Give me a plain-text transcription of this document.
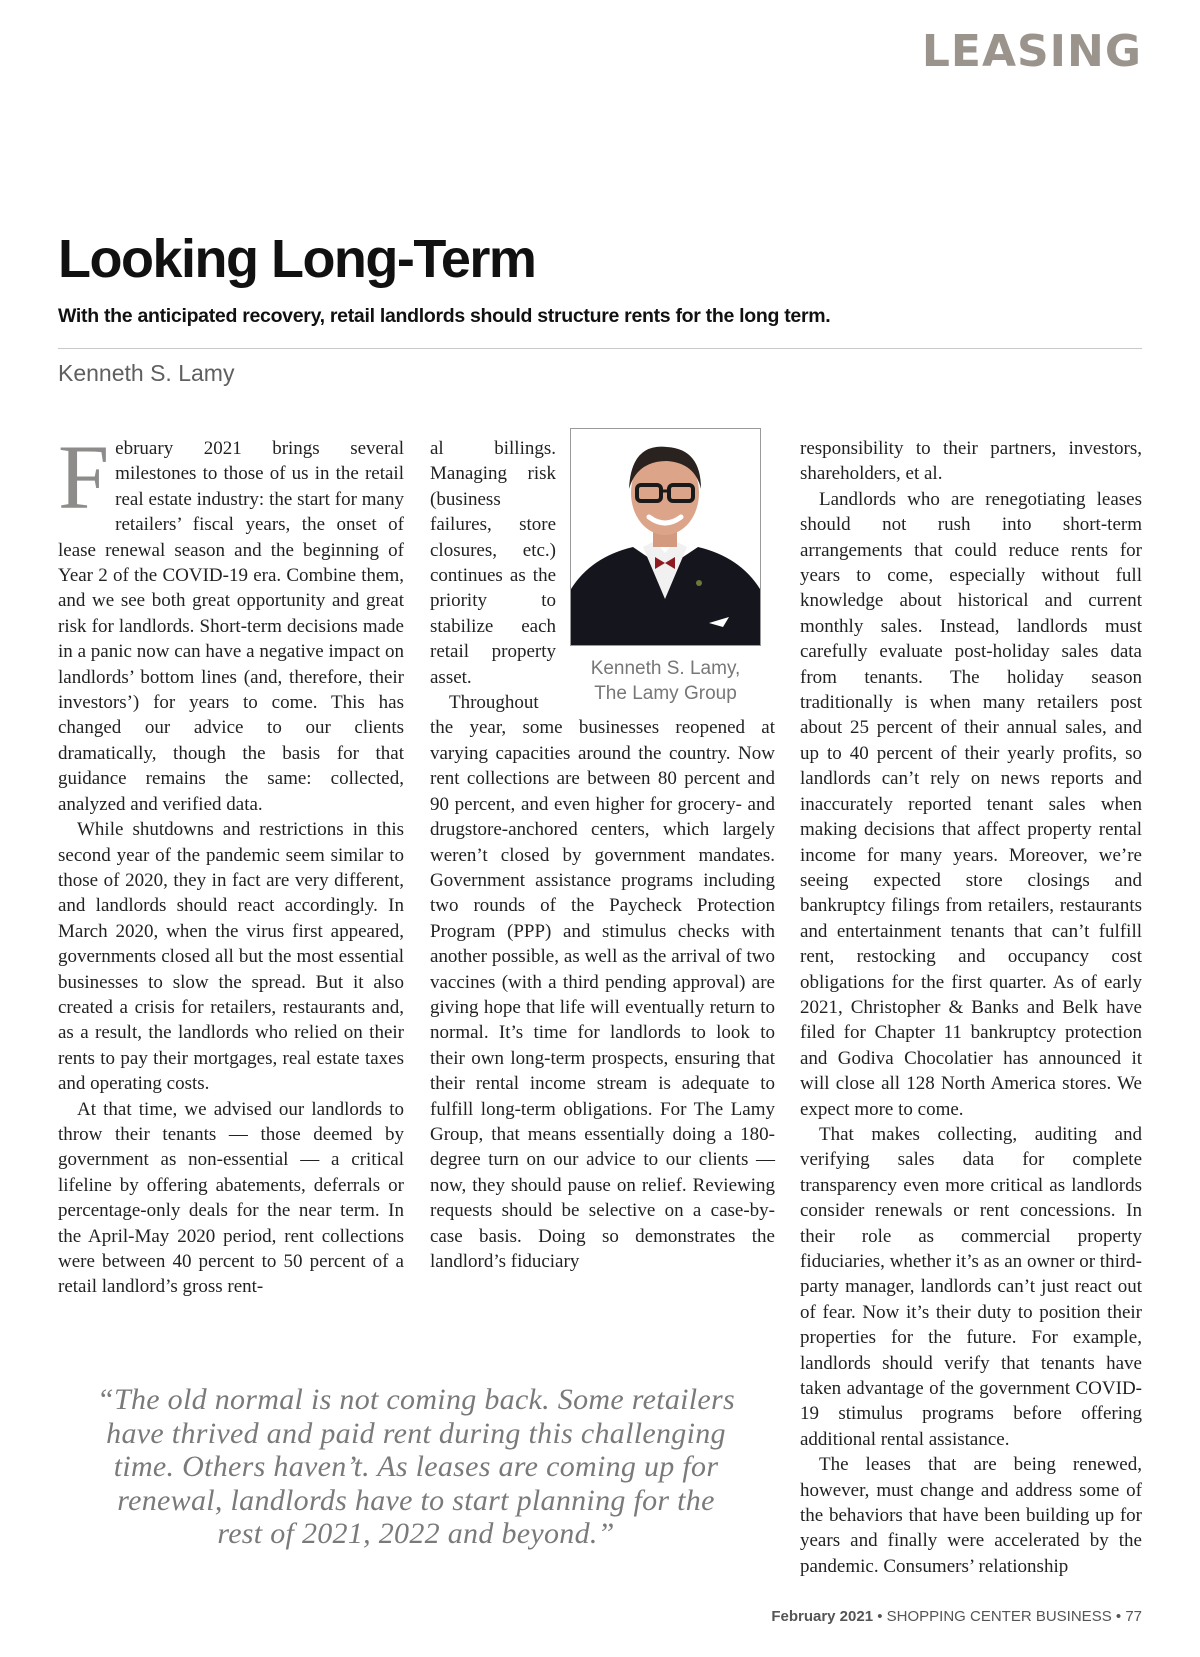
LEASING
Looking Long-Term

With the anticipated recovery, retail landlords should structure rents for the long term.

Kenneth S. Lamy

February 2021 brings several milestones to those of us in the retail real estate industry: the start for many retailers’ fiscal years, the onset of lease renewal season and the beginning of Year 2 of the COVID-19 era. Combine them, and we see both great opportunity and great risk for landlords. Short-term decisions made in a panic now can have a negative impact on landlords’ bottom lines (and, therefore, their investors’) for years to come. This has changed our advice to our clients dramatically, though the basis for that guidance remains the same: collected, analyzed and verified data.

While shutdowns and restrictions in this second year of the pandemic seem similar to those of 2020, they in fact are very different, and landlords should react accordingly. In March 2020, when the virus first appeared, governments closed all but the most essential businesses to slow the spread. But it also created a crisis for retailers, restaurants and, as a result, the landlords who relied on their rents to pay their mortgages, real estate taxes and operating costs.

At that time, we advised our landlords to throw their tenants — those deemed by government as non-essential — a critical lifeline by offering abatements, deferrals or percentage-only deals for the near term. In the April-May 2020 period, rent collections were between 40 percent to 50 percent of a retail landlord’s gross rent-

Kenneth S. Lamy,
The Lamy Group

al billings. Managing risk (business failures, store closures, etc.) continues as the priority to stabilize each retail property asset.

Throughout the year, some businesses reopened at varying capacities around the country. Now rent collections are between 80 percent and 90 percent, and even higher for grocery- and drugstore-anchored centers, which largely weren’t closed by government mandates. Government assistance programs including two rounds of the Paycheck Protection Program (PPP) and stimulus checks with another possible, as well as the arrival of two vaccines (with a third pending approval) are giving hope that life will eventually return to normal. It’s time for landlords to look to their own long-term prospects, ensuring that their rental income stream is adequate to fulfill long-term obligations. For The Lamy Group, that means essentially doing a 180-degree turn on our advice to our clients — now, they should pause on relief. Reviewing requests should be selective on a case-by-case basis. Doing so demonstrates the landlord’s fiduciary

responsibility to their partners, investors, shareholders, et al.

Landlords who are renegotiating leases should not rush into short-term arrangements that could reduce rents for years to come, especially without full knowledge about historical and current monthly sales. Instead, landlords must carefully evaluate post-holiday sales data from tenants. The holiday season traditionally is when many retailers post about 25 percent of their annual sales, and up to 40 percent of their yearly profits, so landlords can’t rely on news reports and inaccurately reported tenant sales when making decisions that affect property rental income for many years. Moreover, we’re seeing expected store closings and bankruptcy filings from retailers, restaurants and entertainment tenants that can’t fulfill rent, restocking and occupancy cost obligations for the first quarter. As of early 2021, Christopher & Banks and Belk have filed for Chapter 11 bankruptcy protection and Godiva Chocolatier has announced it will close all 128 North America stores. We expect more to come.

That makes collecting, auditing and verifying sales data for complete transparency even more critical as landlords consider renewals or rent concessions. In their role as commercial property fiduciaries, whether it’s as an owner or third-party manager, landlords can’t just react out of fear. Now it’s their duty to position their properties for the future. For example, landlords should verify that tenants have taken advantage of the government COVID-19 stimulus programs before offering additional rental assistance.

The leases that are being renewed, however, must change and address some of the behaviors that have been building up for years and finally were accelerated by the pandemic. Consumers’ relationship

“The old normal is not coming back. Some retailers have thrived and paid rent during this challenging time. Others haven’t. As leases are coming up for renewal, landlords have to start planning for the rest of 2021, 2022 and beyond.”
February 2021 • SHOPPING CENTER BUSINESS • 77
